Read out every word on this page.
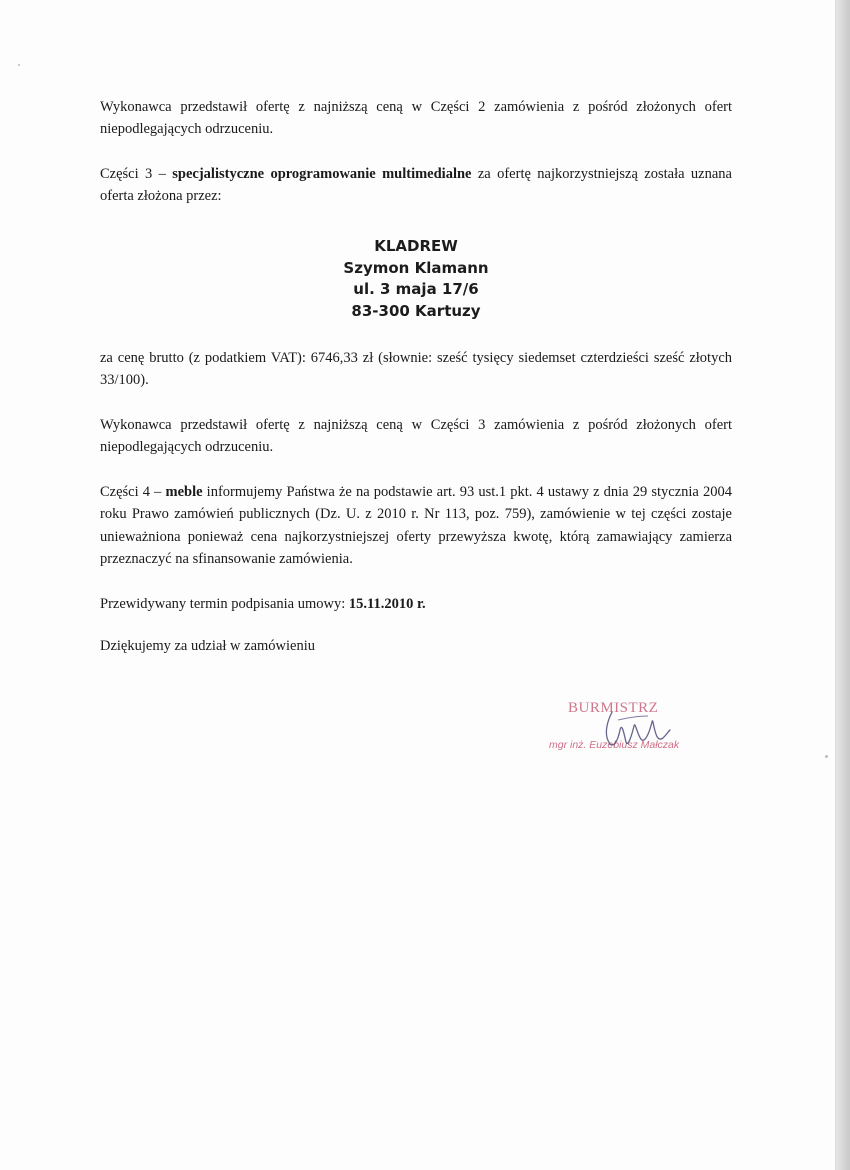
Wykonawca przedstawił ofertę z najniższą ceną w Części 2 zamówienia z pośród złożonych ofert niepodlegających odrzuceniu.

Części 3 – specjalistyczne oprogramowanie multimedialne za ofertę najkorzystniejszą została uznana oferta złożona przez:

KLADREW
Szymon Klamann
ul. 3 maja 17/6
83-300 Kartuzy

za cenę brutto (z podatkiem VAT): 6746,33 zł (słownie: sześć tysięcy siedemset czterdzieści sześć złotych 33/100).

Wykonawca przedstawił ofertę z najniższą ceną w Części 3 zamówienia z pośród złożonych ofert niepodlegających odrzuceniu.

Części 4 – meble informujemy Państwa że na podstawie art. 93 ust.1 pkt. 4 ustawy z dnia 29 stycznia 2004 roku Prawo zamówień publicznych (Dz. U. z 2010 r. Nr 113, poz. 759), zamówienie w tej części zostaje unieważniona ponieważ cena najkorzystniejszej oferty przewyższa kwotę, którą zamawiający zamierza przeznaczyć na sfinansowanie zamówienia.

Przewidywany termin podpisania umowy: 15.11.2010 r.

Dziękujemy za udział w zamówieniu

BURMISTRZ
mgr inż. Euzebiusz Małczak
